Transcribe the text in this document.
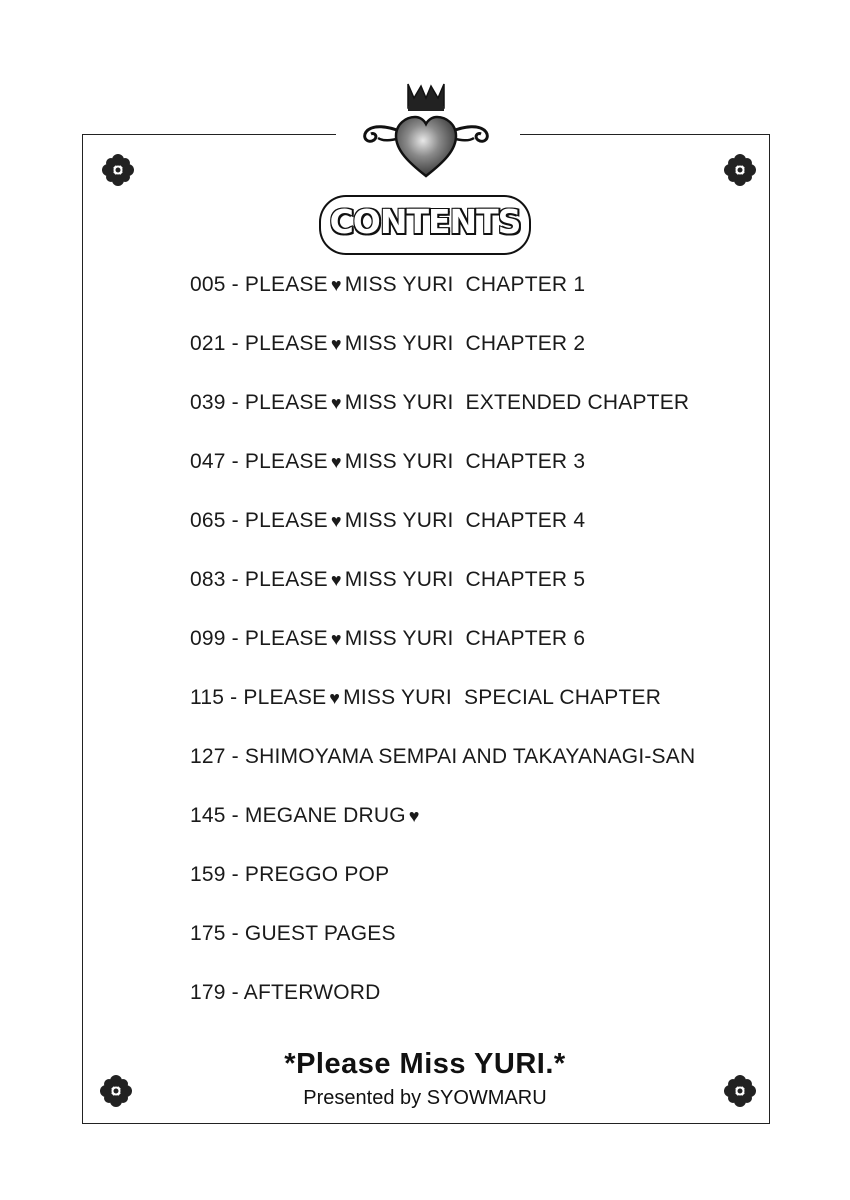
CONTENTS
005 - PLEASE ♥ MISS YURI  CHAPTER 1
021 - PLEASE ♥ MISS YURI  CHAPTER 2
039 - PLEASE ♥ MISS YURI  EXTENDED CHAPTER
047 - PLEASE ♥ MISS YURI  CHAPTER 3
065 - PLEASE ♥ MISS YURI  CHAPTER 4
083 - PLEASE ♥ MISS YURI  CHAPTER 5
099 - PLEASE ♥ MISS YURI  CHAPTER 6
115 - PLEASE ♥ MISS YURI  SPECIAL CHAPTER
127 - SHIMOYAMA SEMPAI AND TAKAYANAGI-SAN
145 - MEGANE DRUG ♥
159 - PREGGO POP
175 - GUEST PAGES
179 - AFTERWORD
*Please Miss YURI.*
Presented by SYOWMARU
